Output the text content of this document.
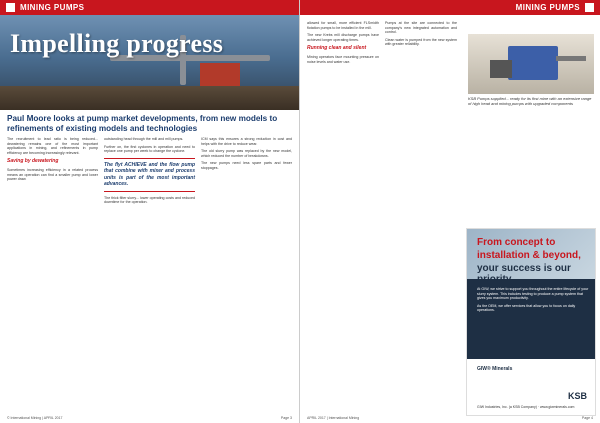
MINING PUMPS
Impelling progress
Paul Moore looks at pump market developments, from new models to refinements of existing models and technologies

The recruitment to lead ratio is being reduced... dewatering remains one of the most important applications in mining, and refinements in pump efficiency are becoming increasingly relevant.

Saving by dewatering

Sometimes increasing efficiency in a related process means an operation can find a smaller pump and lower power draw.

outstanding head through the mill and mill pumps.

Further on, the first cyclones in operation and need to replace one pump per week to change the cyclone.

The flyt ACHIEVE and the flow pump that combine with mixer and process units is part of the most important advances.

The thick filter slurry... lower operating costs and reduced downtime for the operation.

ICM says this ensures a strong reduction in cost and helps with the drive to reduce wear.

The old slurry pump was replaced by the new model, which reduced the number of breakdowns.

The new pumps need less spare parts and fewer stoppages.

© International Mining | APRIL 2017	Page 3
MINING PUMPS

allowed for small, more efficient FLSmidth flotation pumps to be installed in the mill.

The new Krebs mill discharge pumps have achieved longer operating times.

Running clean and silent

Mining operators face mounting pressure on noise levels and water use.

Pumps at the site are connected to the company's new integrated automation and control.

Clean water is pumped from the new system with greater reliability.

KSB Pumps supplied... ready for its first mine with an extensive range of high head and mining pumps with upgraded components
From concept to
installation & beyond,
your success is our

At GIW, we strive to support you throughout the entire lifecycle of your slurry system. This includes testing to produce a pump system that gives you maximum productivity.

As the OEM, we offer services that allow you to focus on daily operations.

GIW® Minerals
KSB
GIW Industries, Inc. (a KSB Company) · www.giwminerals.com
APRIL 2017 | International Mining	Page 4
